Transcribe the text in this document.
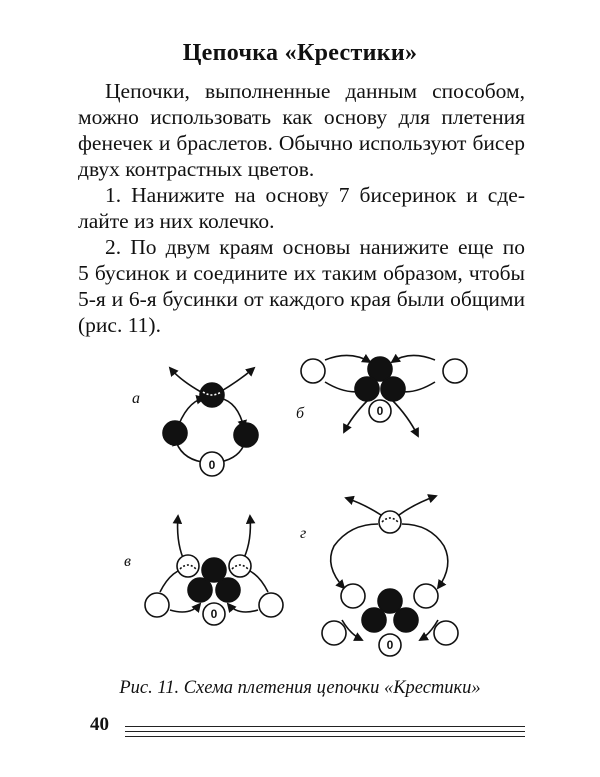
Цепочка «Крестики»
Цепочки, выполненные данным способом,
можно использовать как основу для плетения
фенечек и браслетов. Обычно используют бисер
двух контрастных цветов.
1. Нанижите на основу 7 бисеринок и сде-
лайте из них колечко.
2. По двум краям основы нанижите еще по
5 бусинок и соедините их таким образом, чтобы
5-я и 6-я бусинки от каждого края были общими
(рис. 11).
0
0
0
0
а
б
в
г
Рис. 11. Схема плетения цепочки «Крестики»
40
